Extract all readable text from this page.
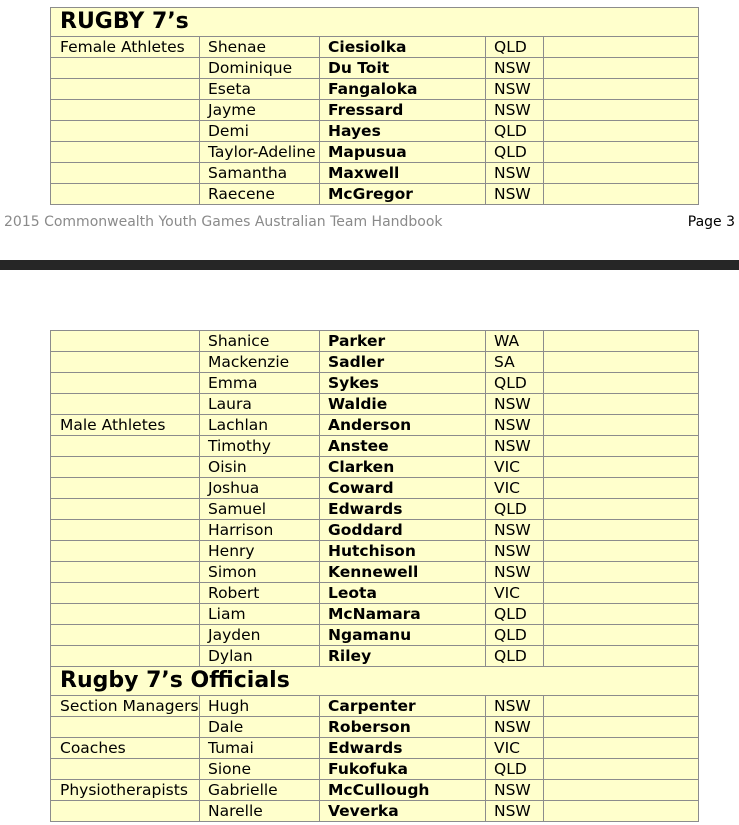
RUGBY 7’s				
Female Athletes	Shenae	Ciesiolka	QLD	
	Dominique	Du Toit	NSW	
	Eseta	Fangaloka	NSW	
	Jayme	Fressard	NSW	
	Demi	Hayes	QLD	
	Taylor-Adeline	Mapusua	QLD	
	Samantha	Maxwell	NSW	
	Raecene	McGregor	NSW	
2015 Commonwealth Youth Games Australian Team Handbook	Page 3
	Shanice	Parker	WA	
	Mackenzie	Sadler	SA	
	Emma	Sykes	QLD	
	Laura	Waldie	NSW	
Male Athletes	Lachlan	Anderson	NSW	
	Timothy	Anstee	NSW	
	Oisin	Clarken	VIC	
	Joshua	Coward	VIC	
	Samuel	Edwards	QLD	
	Harrison	Goddard	NSW	
	Henry	Hutchison	NSW	
	Simon	Kennewell	NSW	
	Robert	Leota	VIC	
	Liam	McNamara	QLD	
	Jayden	Ngamanu	QLD	
	Dylan	Riley	QLD	
Rugby 7’s Officials				
Section Managers	Hugh	Carpenter	NSW	
	Dale	Roberson	NSW	
Coaches	Tumai	Edwards	VIC	
	Sione	Fukofuka	QLD	
Physiotherapists	Gabrielle	McCullough	NSW	
	Narelle	Veverka	NSW	
